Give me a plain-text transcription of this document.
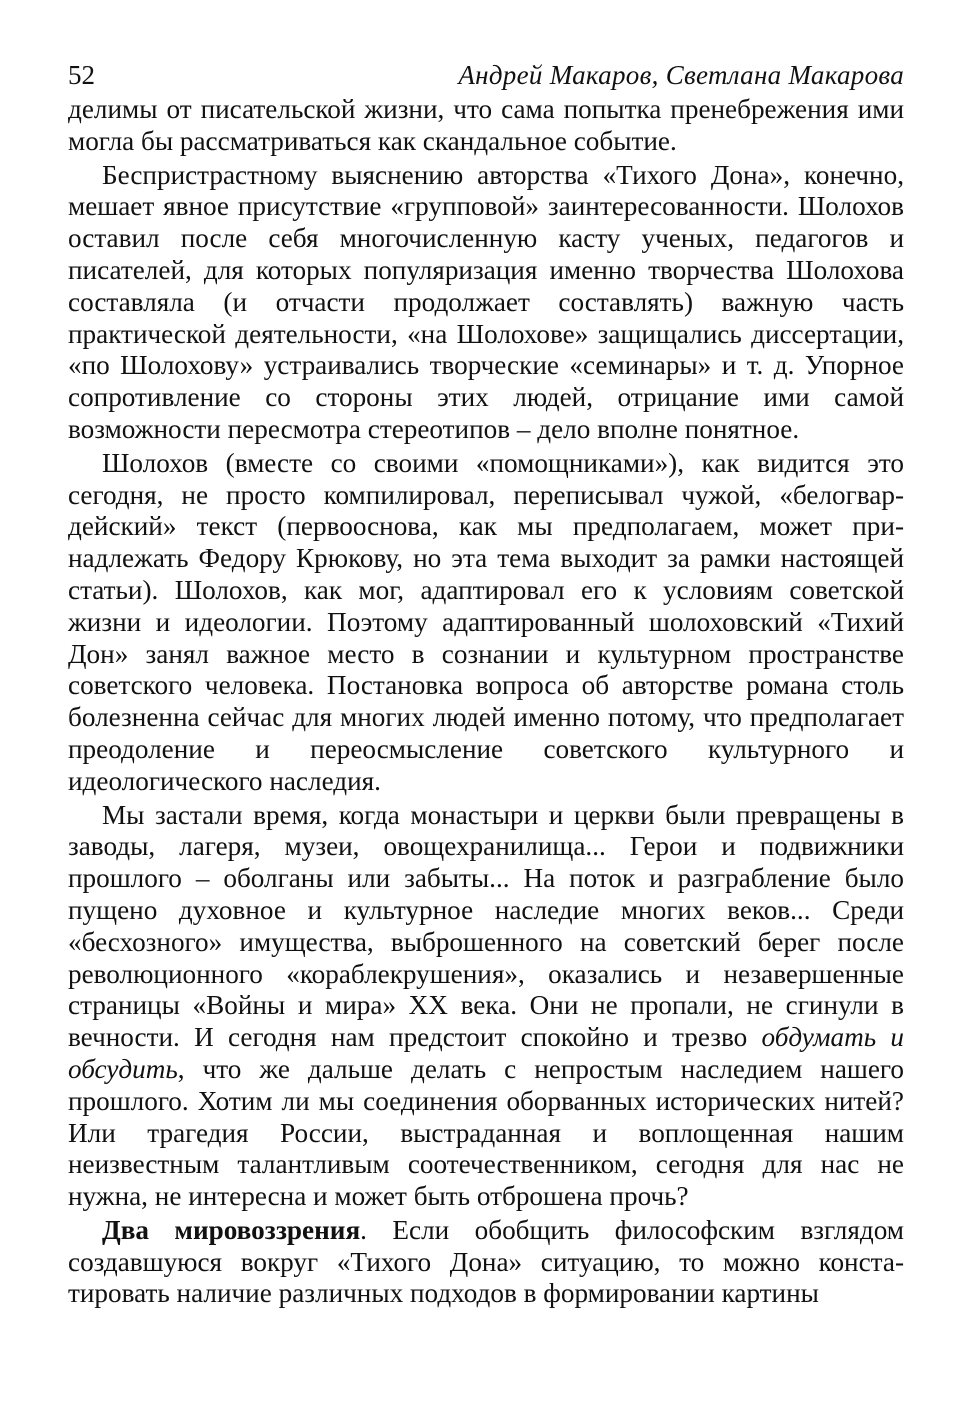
52	Андрей Макаров, Светлана Макарова

делимы от писательской жизни, что сама попытка пренебрежения ими могла бы рассматриваться как скандальное событие.

Беспристрастному выяснению авторства «Тихого Дона», конечно, мешает явное присутствие «групповой» заинтересованности. Шолохов оставил после себя многочисленную касту ученых, педагогов и писателей, для которых популяризация именно творчества Шолохова составляла (и отчасти продолжает составлять) важную часть практической деятельности, «на Шолохове» защищались диссертации, «по Шолохову» устраивались творческие «семинары» и т. д. Упорное сопротивление со стороны этих людей, отрицание ими самой возможности пересмотра стереотипов – дело вполне понятное.

Шолохов (вместе со своими «помощниками»), как видится это сегодня, не просто компилировал, переписывал чужой, «белогвардейский» текст (первооснова, как мы предполагаем, может принадлежать Федору Крюкову, но эта тема выходит за рамки настоящей статьи). Шолохов, как мог, адаптировал его к условиям советской жизни и идеологии. Поэтому адаптированный шолоховский «Тихий Дон» занял важное место в сознании и культурном пространстве советского человека. Постановка вопроса об авторстве романа столь болезненна сейчас для многих людей именно потому, что предполагает преодоление и переосмысление советского культурного и идеологического наследия.

Мы застали время, когда монастыри и церкви были превращены в заводы, лагеря, музеи, овощехранилища... Герои и подвижники прошлого – оболганы или забыты... На поток и разграбление было пущено духовное и культурное наследие многих веков... Среди «бесхозного» имущества, выброшенного на советский берег после революционного «кораблекрушения», оказались и незавершенные страницы «Войны и мира» XX века. Они не пропали, не сгинули в вечности. И сегодня нам предстоит спокойно и трезво обдумать и обсудить, что же дальше делать с непростым наследием нашего прошлого. Хотим ли мы соединения оборванных исторических нитей? Или трагедия России, выстраданная и воплощенная нашим неизвестным талантливым соотечественником, сегодня для нас не нужна, не интересна и может быть отброшена прочь?

Два мировоззрения. Если обобщить философским взглядом создавшуюся вокруг «Тихого Дона» ситуацию, то можно констатировать наличие различных подходов в формировании картины
